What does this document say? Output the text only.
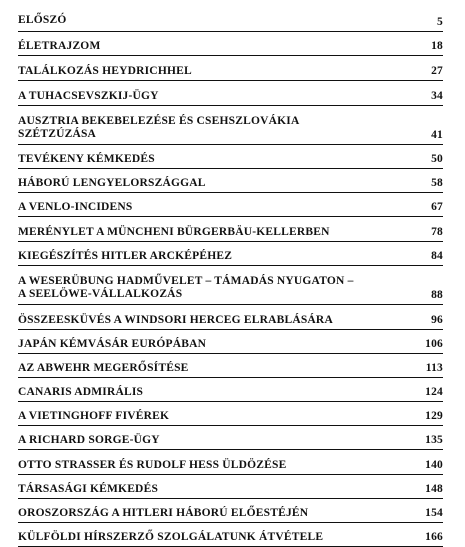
ELŐSZÓ	5
ÉLETRAJZOM	18
TALÁLKOZÁS HEYDRICHHEL	27
A TUHACSEVSZKIJ-ÜGY	34
AUSZTRIA BEKEBELEZÉSE ÉS CSEHSZLOVÁKIA
SZÉTZÚZÁSA	41
TEVÉKENY KÉMKEDÉS	50
HÁBORÚ LENGYELORSZÁGGAL	58
A VENLO-INCIDENS	67
MERÉNYLET A MÜNCHENI BÜRGERBÄU-KELLERBEN	78
KIEGÉSZÍTÉS HITLER ARCKÉPÉHEZ	84
A WESERÜBUNG HADMŰVELET – TÁMADÁS NYUGATON –
A SEELÖWE-VÁLLALKOZÁS	88
ÖSSZEESKÜVÉS A WINDSORI HERCEG ELRABLÁSÁRA	96
JAPÁN KÉMVÁSÁR EURÓPÁBAN	106
AZ ABWEHR MEGERŐSÍTÉSE	113
CANARIS ADMIRÁLIS	124
A VIETINGHOFF FIVÉREK	129
A RICHARD SORGE-ÜGY	135
OTTO STRASSER ÉS RUDOLF HESS ÜLDÖZÉSE	140
TÁRSASÁGI KÉMKEDÉS	148
OROSZORSZÁG A HITLERI HÁBORÚ ELŐESTÉJÉN	154
KÜLFÖLDI HÍRSZERZŐ SZOLGÁLATUNK ÁTVÉTELE	166
